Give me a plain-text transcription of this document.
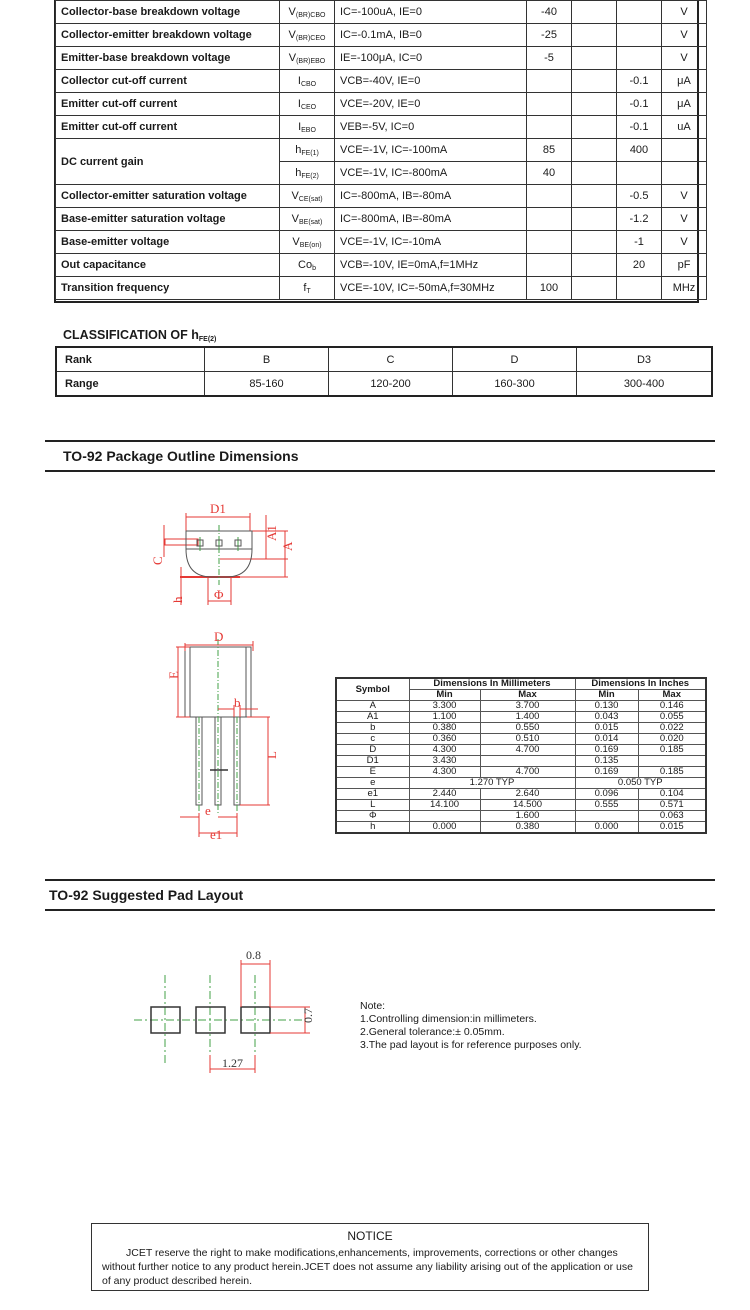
Collector-base breakdown voltage	$V_{(BR)CBO}$	IC=-100uA, IE=0	-40			V
Collector-emitter breakdown voltage	$V_{(BR)CEO}$	IC=-0.1mA, IB=0	-25			V
Emitter-base breakdown voltage	$V_{(BR)EBO}$	IE=-100μA, IC=0	-5			V
Collector cut-off current	$I_{CBO}$	VCB=-40V, IE=0			-0.1	μA
Emitter cut-off current	$I_{CEO}$	VCE=-20V, IE=0			-0.1	μA
Emitter cut-off current	$I_{EBO}$	VEB=-5V, IC=0			-0.1	uA
DC current gain	$h_{FE(1)}$	VCE=-1V, IC=-100mA	85		400	
	$h_{FE(2)}$	VCE=-1V, IC=-800mA	40			
Collector-emitter saturation voltage	$V_{CE(sat)}$	IC=-800mA, IB=-80mA			-0.5	V
Base-emitter saturation voltage	$V_{BE(sat)}$	IC=-800mA, IB=-80mA			-1.2	V
Base-emitter voltage	$V_{BE(on)}$	VCE=-1V, IC=-10mA			-1	V
Out capacitance	$Co_b$	VCB=-10V, IE=0mA,f=1MHz			20	pF
Transition frequency	$f_T$	VCE=-10V, IC=-50mA,f=30MHz	100			MHz
CLASSIFICATION OF $h_{FE(2)}$
Rank	B	C	D	D3
Range	85-160	120-200	160-300	300-400
TO-92 Package Outline Dimensions
D1
A1
A
C
h Φ
D
E
b
L
e
e1
Symbol	Dimensions In Millimeters		Dimensions In Inches	
	Min	Max	Min	Max
A	3.300	3.700	0.130	0.146
A1	1.100	1.400	0.043	0.055
b	0.380	0.550	0.015	0.022
c	0.360	0.510	0.014	0.020
D	4.300	4.700	0.169	0.185
D1	3.430		0.135	
E	4.300	4.700	0.169	0.185
e	1.270 TYP		0.050 TYP	
e1	2.440	2.640	0.096	0.104
L	14.100	14.500	0.555	0.571
Φ		1.600		0.063
h	0.000	0.380	0.000	0.015
TO-92 Suggested Pad Layout
0.8
0.7
1.27
Note:
1.Controlling dimension:in millimeters.
2.General tolerance:± 0.05mm.
3.The pad layout is for reference purposes only.
NOTICE
JCET reserve the right to make modifications,enhancements, improvements, corrections or other changes without further notice to any product herein.JCET does not assume any liability arising out of the application or use of any product described herein.
